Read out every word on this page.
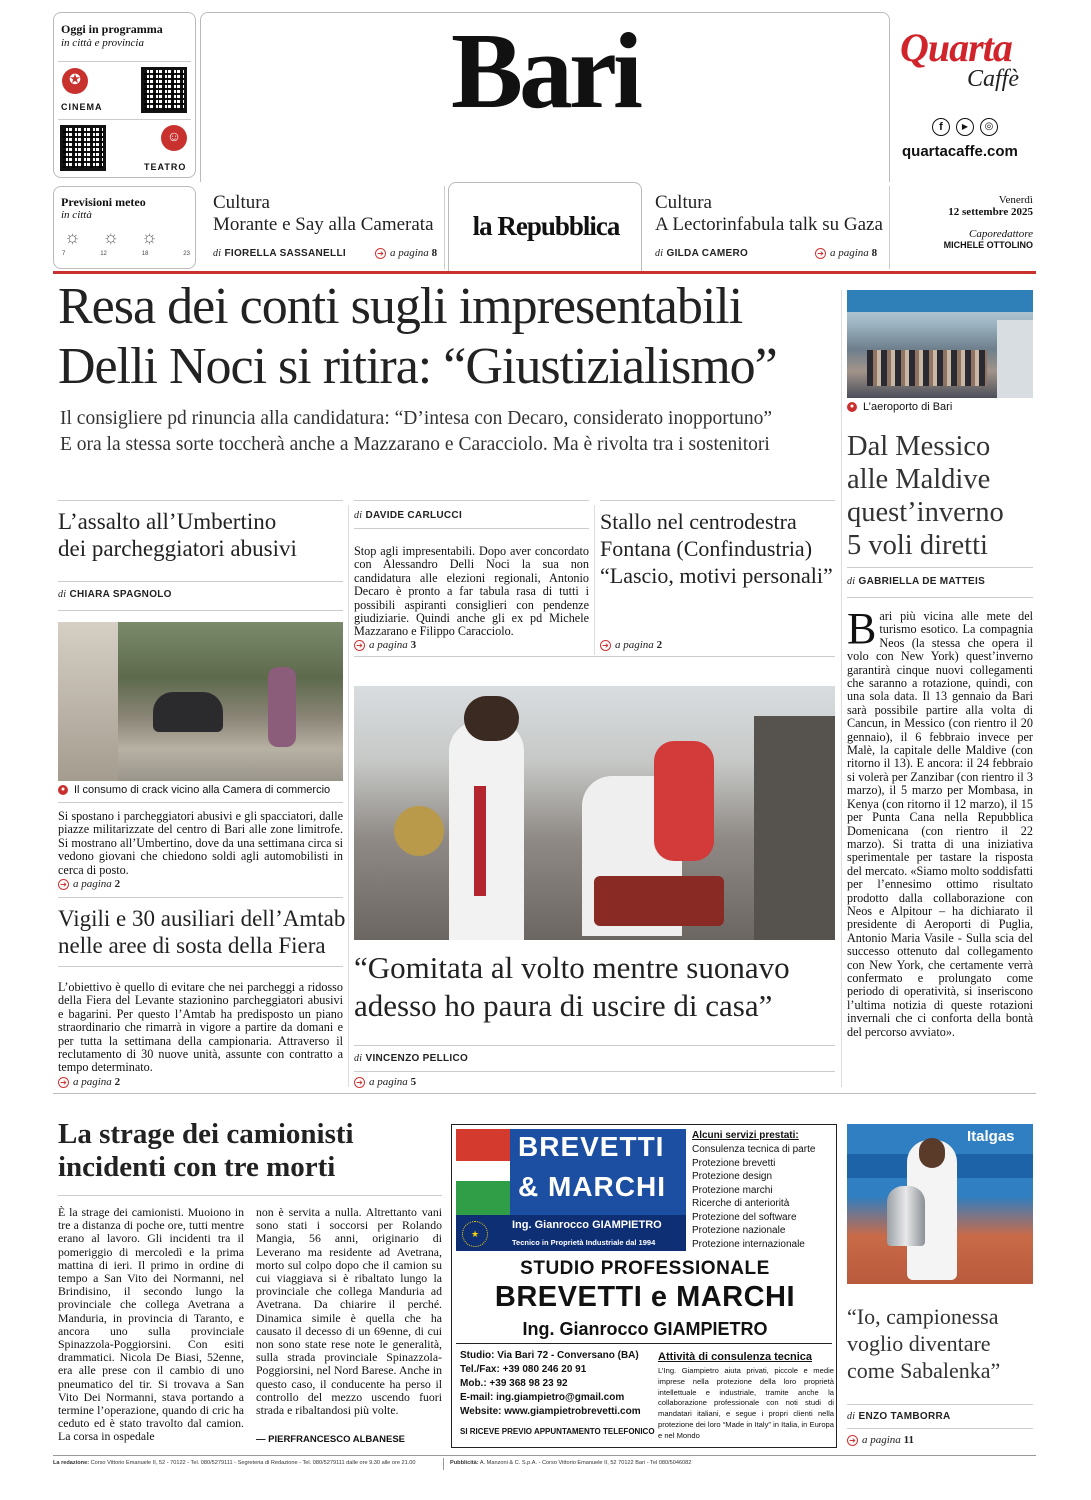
Oggi in programma
in città e provincia
✪
CINEMA
☺
TEATRO
Bari	Quarta
Caffè
f	▶	◎
quartacaffe.com
Previsioni meteo
in città
☼ ☼ ☼
7	12	18	23
Cultura
Morante e Say alla Camerata
di FIORELLA SASSANELLI	➔ a pagina 8
la Repubblica
Cultura
A Lectorinfabula talk su Gaza
di GILDA CAMERO	➔ a pagina 8
Venerdì
12 settembre 2025
Caporedattore
MICHELE OTTOLINO
Resa dei conti sugli impresentabili
Delli Noci si ritira: “Giustizialismo”
Il consigliere pd rinuncia alla candidatura: “D’intesa con Decaro, considerato inopportuno”
E ora la stessa sorte toccherà anche a Mazzarano e Caracciolo. Ma è rivolta tra i sostenitori
● L’aeroporto di Bari
Dal Messico
alle Maldive
quest’inverno
5 voli diretti
di GABRIELLA DE MATTEIS
Bari più vicina alle mete del turismo esotico. La compagnia Neos (la stessa che opera il volo con New York) quest’inverno garantirà cinque nuovi collegamenti che saranno a rotazione, quindi, con una sola data. Il 13 gennaio da Bari sarà possibile partire alla volta di Cancun, in Messico (con rientro il 20 gennaio), il 6 febbraio invece per Malè, la capitale delle Maldive (con ritorno il 13). E ancora: il 24 febbraio si volerà per Zanzibar (con rientro il 3 marzo), il 5 marzo per Mombasa, in Kenya (con ritorno il 12 marzo), il 15 per Punta Cana nella Repubblica Domenicana (con rientro il 22 marzo). Si tratta di una iniziativa sperimentale per tastare la risposta del mercato. «Siamo molto soddisfatti per l’ennesimo ottimo risultato prodotto dalla collaborazione con Neos e Alpitour – ha dichiarato il presidente di Aeroporti di Puglia, Antonio Maria Vasile - Sulla scia del successo ottenuto dal collegamento con New York, che certamente verrà confermato e prolungato come periodo di operatività, si inseriscono l’ultima notizia di queste rotazioni invernali che ci conforta della bontà del percorso avviato».
L’assalto all’Umbertino
dei parcheggiatori abusivi
di CHIARA SPAGNOLO
● Il consumo di crack vicino alla Camera di commercio
Si spostano i parcheggiatori abusivi e gli spacciatori, dalle piazze militarizzate del centro di Bari alle zone limitrofe. Si mostrano all’Umbertino, dove da una settimana circa si vedono giovani che chiedono soldi agli automobilisti in cerca di posto.
➔ a pagina 2
Vigili e 30 ausiliari dell’Amtab
nelle aree di sosta della Fiera
L’obiettivo è quello di evitare che nei parcheggi a ridosso della Fiera del Levante stazionino parcheggiatori abusivi e bagarini. Per questo l’Amtab ha predisposto un piano straordinario che rimarrà in vigore a partire da domani e per tutta la settimana della campionaria. Attraverso il reclutamento di 30 nuove unità, assunte con contratto a tempo determinato.
➔ a pagina 2
di DAVIDE CARLUCCI
Stop agli impresentabili. Dopo aver concordato con Alessandro Delli Noci la sua non candidatura alle elezioni regionali, Antonio Decaro è pronto a far tabula rasa di tutti i possibili aspiranti consiglieri con pendenze giudiziarie. Quindi anche gli ex pd Michele Mazzarano e Filippo Caracciolo.
➔ a pagina 3
Stallo nel centrodestra
Fontana (Confindustria)
“Lascio, motivi personali”
➔ a pagina 2
“Gomitata al volto mentre suonavo
adesso ho paura di uscire di casa”
di VINCENZO PELLICO
➔ a pagina 5
La strage dei camionisti
incidenti con tre morti
È la strage dei camionisti. Muoiono in tre a distanza di poche ore, tutti mentre erano al lavoro. Gli incidenti tra il pomeriggio di mercoledì e la prima mattina di ieri. Il primo in ordine di tempo a San Vito dei Normanni, nel Brindisino, il secondo lungo la provinciale che collega Avetrana a Manduria, in provincia di Taranto, e ancora uno sulla provinciale Spinazzola-Poggiorsini. Con esiti drammatici. Nicola De Biasi, 52enne, era alle prese con il cambio di uno pneumatico del tir. Si trovava a San Vito Dei Normanni, stava portando a termine l’operazione, quando di cric ha ceduto ed è stato travolto dal camion. La corsa in ospedale
non è servita a nulla. Altrettanto vani sono stati i soccorsi per Rolando Mangia, 56 anni, originario di Leverano ma residente ad Avetrana, morto sul colpo dopo che il camion su cui viaggiava si è ribaltato lungo la provinciale che collega Manduria ad Avetrana. Da chiarire il perché. Dinamica simile è quella che ha causato il decesso di un 69enne, di cui non sono state rese note le generalità, sulla strada provinciale Spinazzola-Poggiorsini, nel Nord Barese. Anche in questo caso, il conducente ha perso il controllo del mezzo uscendo fuori strada e ribaltandosi più volte.
— PIERFRANCESCO ALBANESE
BREVETTI
& MARCHI
★
Ing. Gianrocco GIAMPIETRO
Tecnico in Proprietà Industriale dal 1994
Alcuni servizi prestati:
Consulenza tecnica di parte
Protezione brevetti
Protezione design
Protezione marchi
Ricerche di anteriorità
Protezione del software
Protezione nazionale
Protezione internazionale
STUDIO PROFESSIONALE
BREVETTI e MARCHI
Ing. Gianrocco GIAMPIETRO
Studio: Via Bari 72 - Conversano (BA)
Tel./Fax: +39 080 246 20 91
Mob.: +39 368 98 23 92
E-mail: ing.giampietro@gmail.com
Website: www.giampietrobrevetti.com
SI RICEVE PREVIO APPUNTAMENTO TELEFONICO
Attività di consulenza tecnica
L’Ing. Giampietro aiuta privati, piccole e medie imprese nella protezione della loro proprietà intellettuale e industriale, tramite anche la collaborazione professionale con noti studi di mandatari italiani, e segue i propri clienti nella protezione dei loro “Made in Italy” in Italia, in Europa e nel Mondo
Italgas
“Io, campionessa
voglio diventare
come Sabalenka”
di ENZO TAMBORRA
➔ a pagina 11
La redazione: Corso Vittorio Emanuele II, 52 - 70122 - Tel. 080/5279111 - Segreteria di Redazione - Tel. 080/5279111 dalle ore 9.30 alle ore 21.00	Pubblicità: A. Manzoni & C. S.p.A. - Corso Vittorio Emanuele II, 52 70122 Bari - Tel 080/5046082
